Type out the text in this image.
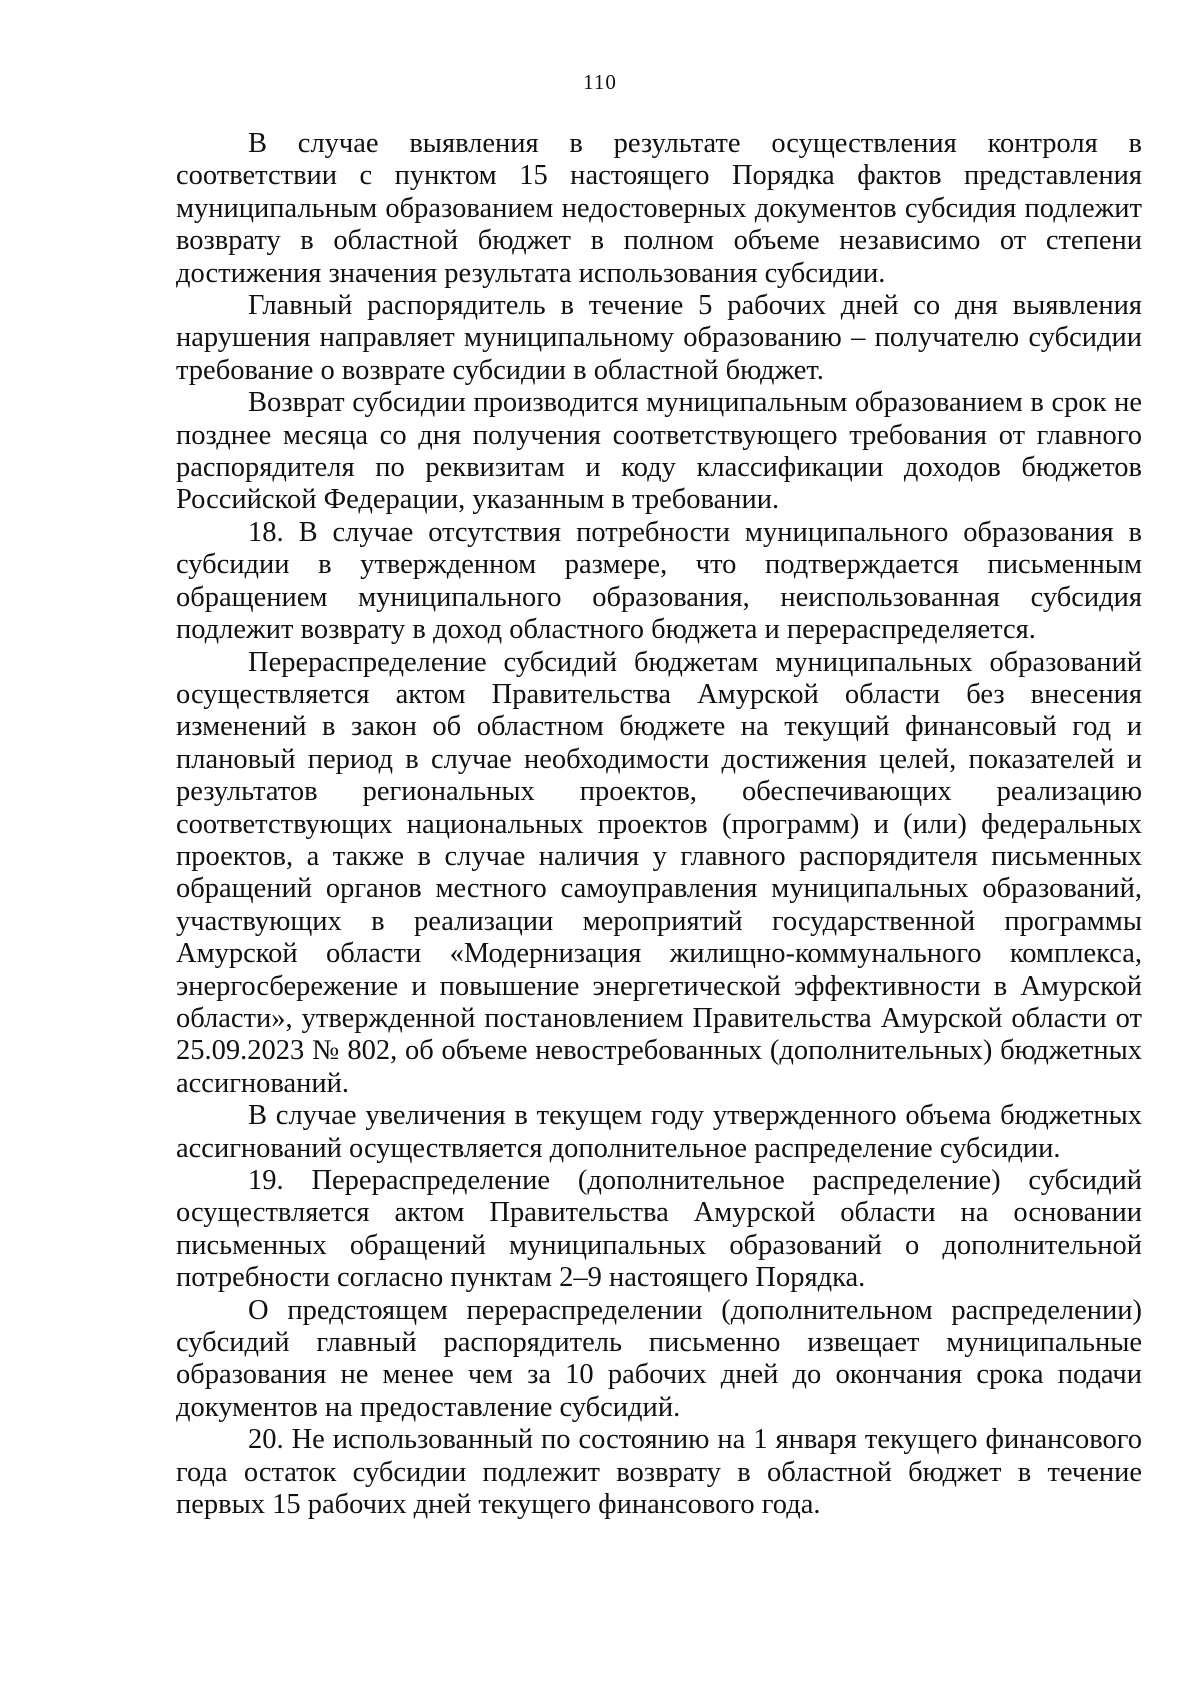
110

В случае выявления в результате осуществления контроля в соответствии с пунктом 15 настоящего Порядка фактов представления муниципальным образованием недостоверных документов субсидия подлежит возврату в областной бюджет в полном объеме независимо от степени достижения значения результата использования субсидии.

Главный распорядитель в течение 5 рабочих дней со дня выявления нарушения направляет муниципальному образованию – получателю субсидии требование о возврате субсидии в областной бюджет.

Возврат субсидии производится муниципальным образованием в срок не позднее месяца со дня получения соответствующего требования от главного распорядителя по реквизитам и коду классификации доходов бюджетов Российской Федерации, указанным в требовании.

18. В случае отсутствия потребности муниципального образования в субсидии в утвержденном размере, что подтверждается письменным обращением муниципального образования, неиспользованная субсидия подлежит возврату в доход областного бюджета и перераспределяется.

Перераспределение субсидий бюджетам муниципальных образований осуществляется актом Правительства Амурской области без внесения изменений в закон об областном бюджете на текущий финансовый год и плановый период в случае необходимости достижения целей, показателей и результатов региональных проектов, обеспечивающих реализацию соответствующих национальных проектов (программ) и (или) федеральных проектов, а также в случае наличия у главного распорядителя письменных обращений органов местного самоуправления муниципальных образований, участвующих в реализации мероприятий государственной программы Амурской области «Модернизация жилищно-коммунального комплекса, энергосбережение и повышение энергетической эффективности в Амурской области», утвержденной постановлением Правительства Амурской области от 25.09.2023 № 802, об объеме невостребованных (дополнительных) бюджетных ассигнований.

В случае увеличения в текущем году утвержденного объема бюджетных ассигнований осуществляется дополнительное распределение субсидии.

19. Перераспределение (дополнительное распределение) субсидий осуществляется актом Правительства Амурской области на основании письменных обращений муниципальных образований о дополнительной потребности согласно пунктам 2–9 настоящего Порядка.

О предстоящем перераспределении (дополнительном распределении) субсидий главный распорядитель письменно извещает муниципальные образования не менее чем за 10 рабочих дней до окончания срока подачи документов на предоставление субсидий.

20. Не использованный по состоянию на 1 января текущего финансового года остаток субсидии подлежит возврату в областной бюджет в течение первых 15 рабочих дней текущего финансового года.
